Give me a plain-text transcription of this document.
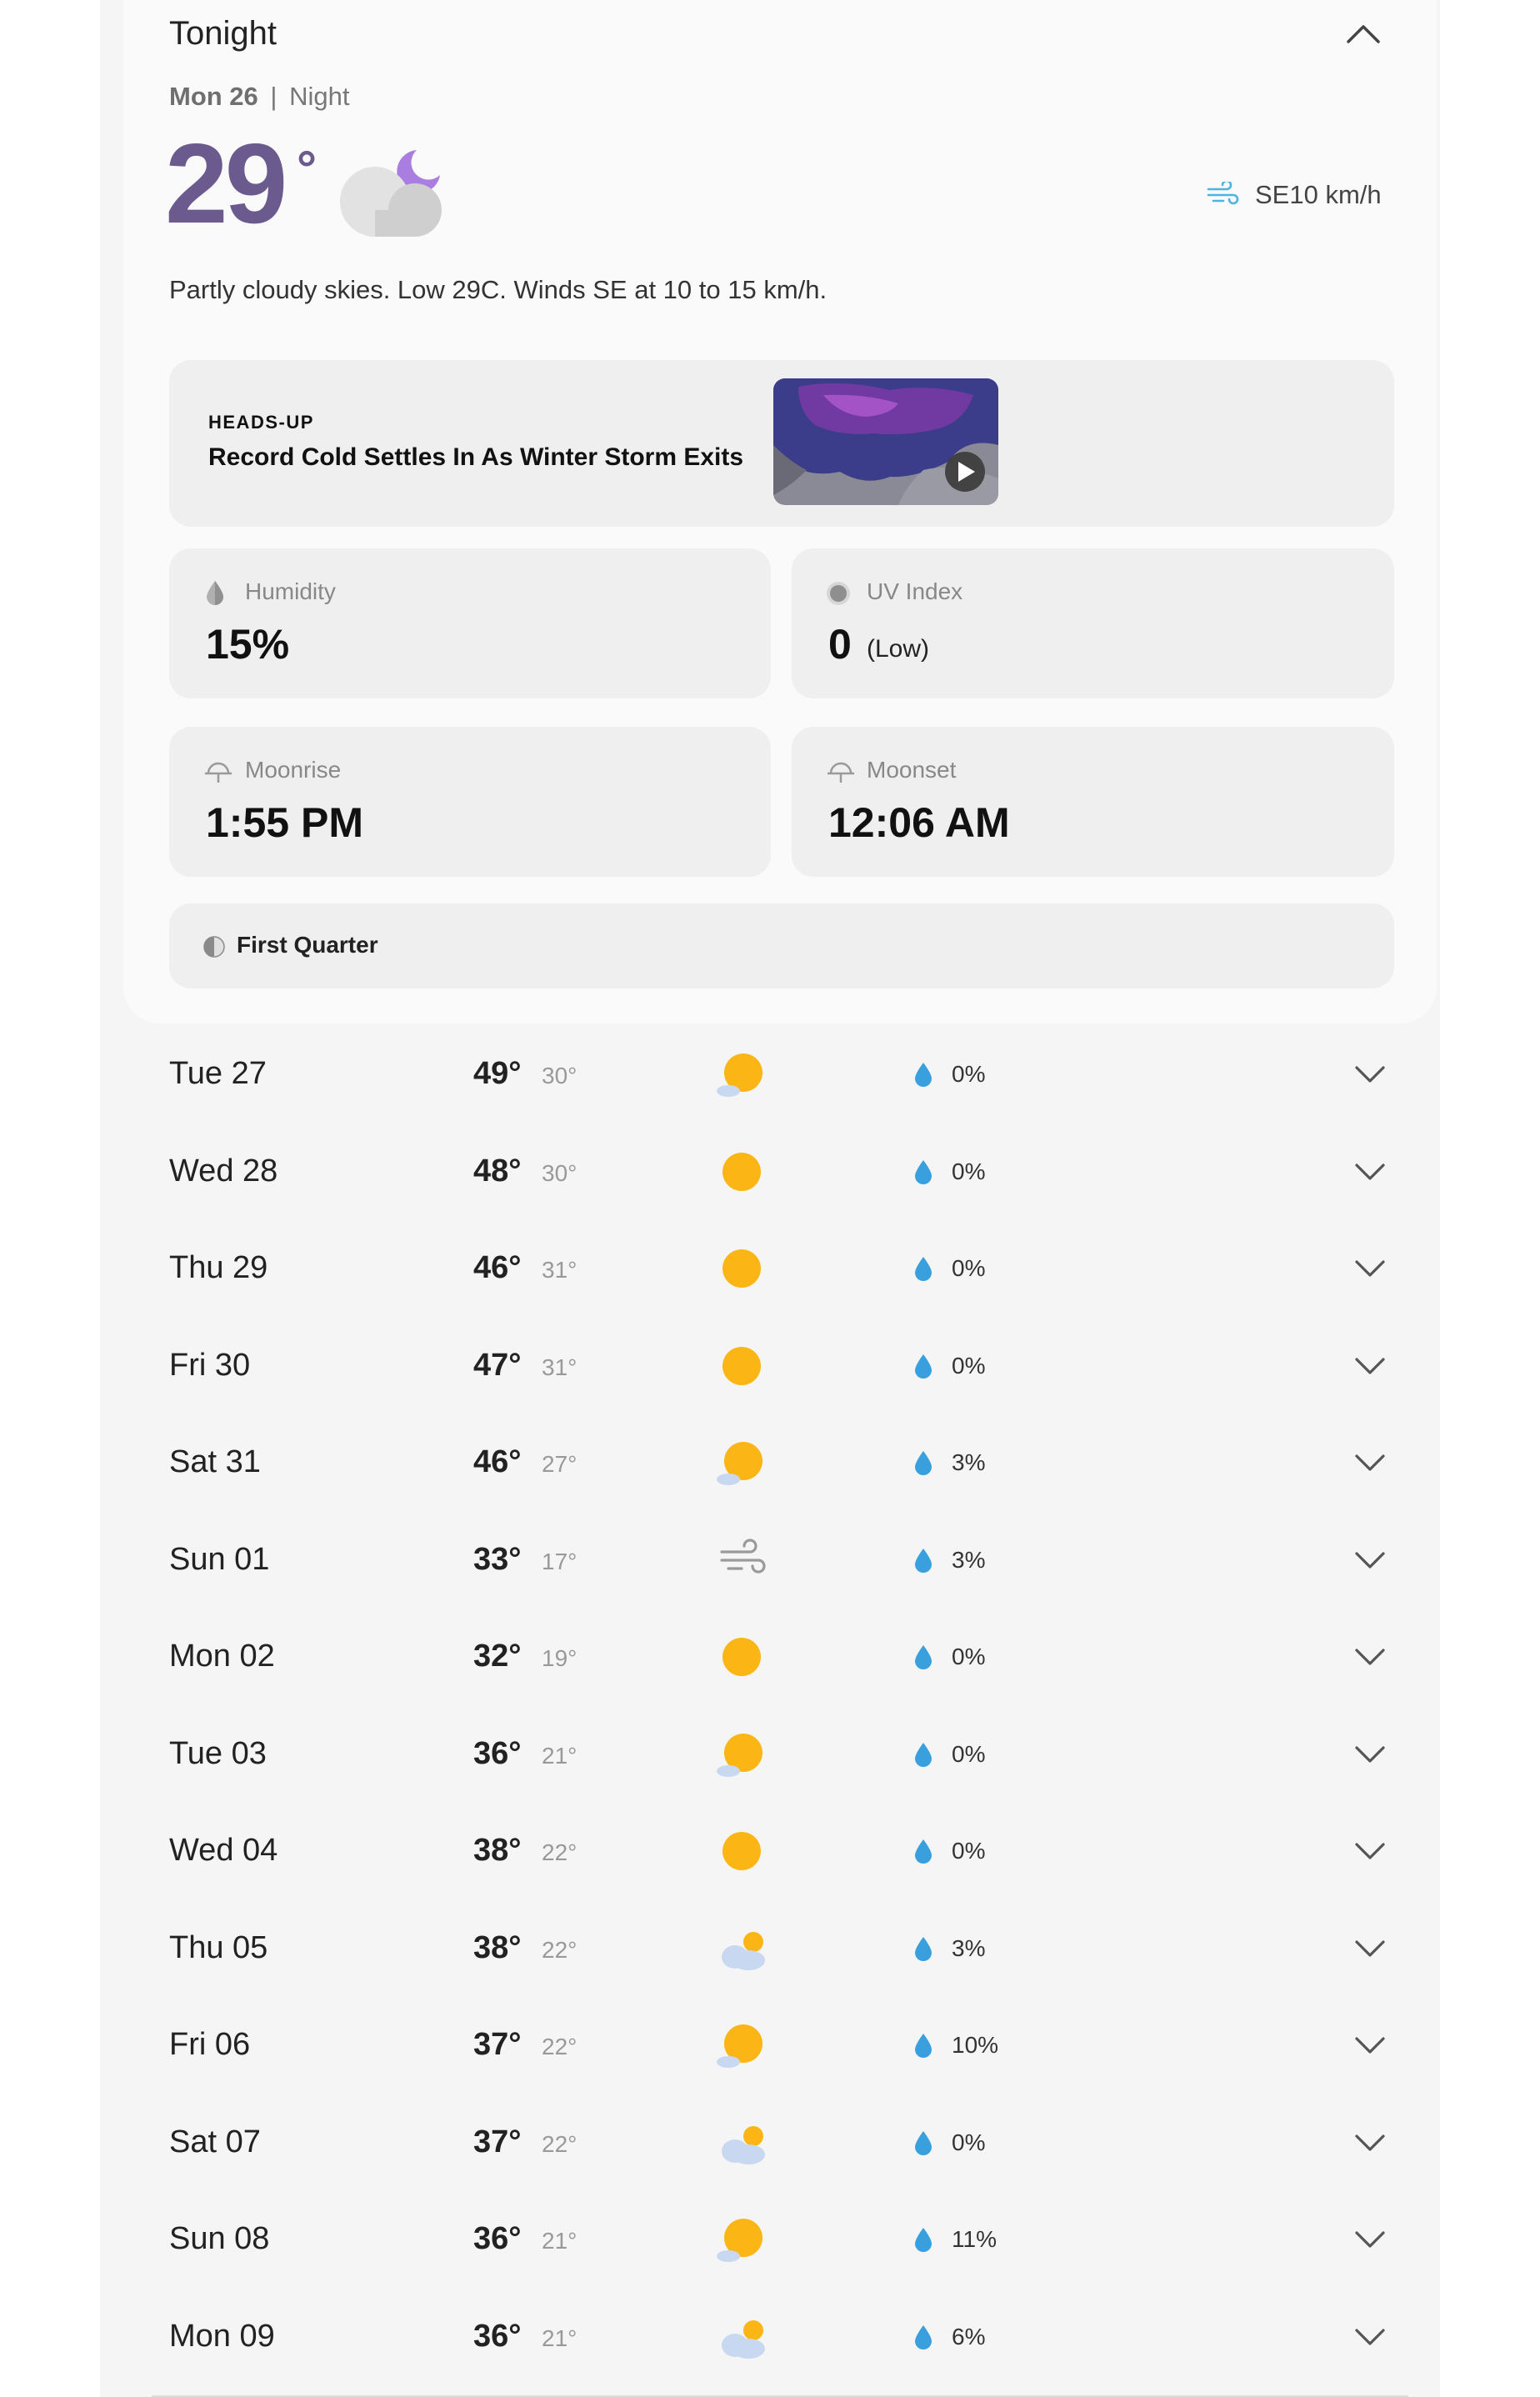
Tonight
Mon 26 | Night
29 °	SE10 km/h
Partly cloudy skies. Low 29C. Winds SE at 10 to 15 km/h.
HEADS-UP
Record Cold Settles In As Winter Storm Exits
Humidity
15%
UV Index
0 (Low)
Moonrise
1:55 PM
Moonset
12:06 AM
First Quarter
Tue 27	49° 30°	0%
Wed 28	48° 30°	0%
Thu 29	46° 31°	0%
Fri 30	47° 31°	0%
Sat 31	46° 27°	3%
Sun 01	33° 17°	3%
Mon 02	32° 19°	0%
Tue 03	36° 21°	0%
Wed 04	38° 22°	0%
Thu 05	38° 22°	3%
Fri 06	37° 22°	10%
Sat 07	37° 22°	0%
Sun 08	36° 21°	11%
Mon 09	36° 21°	6%
